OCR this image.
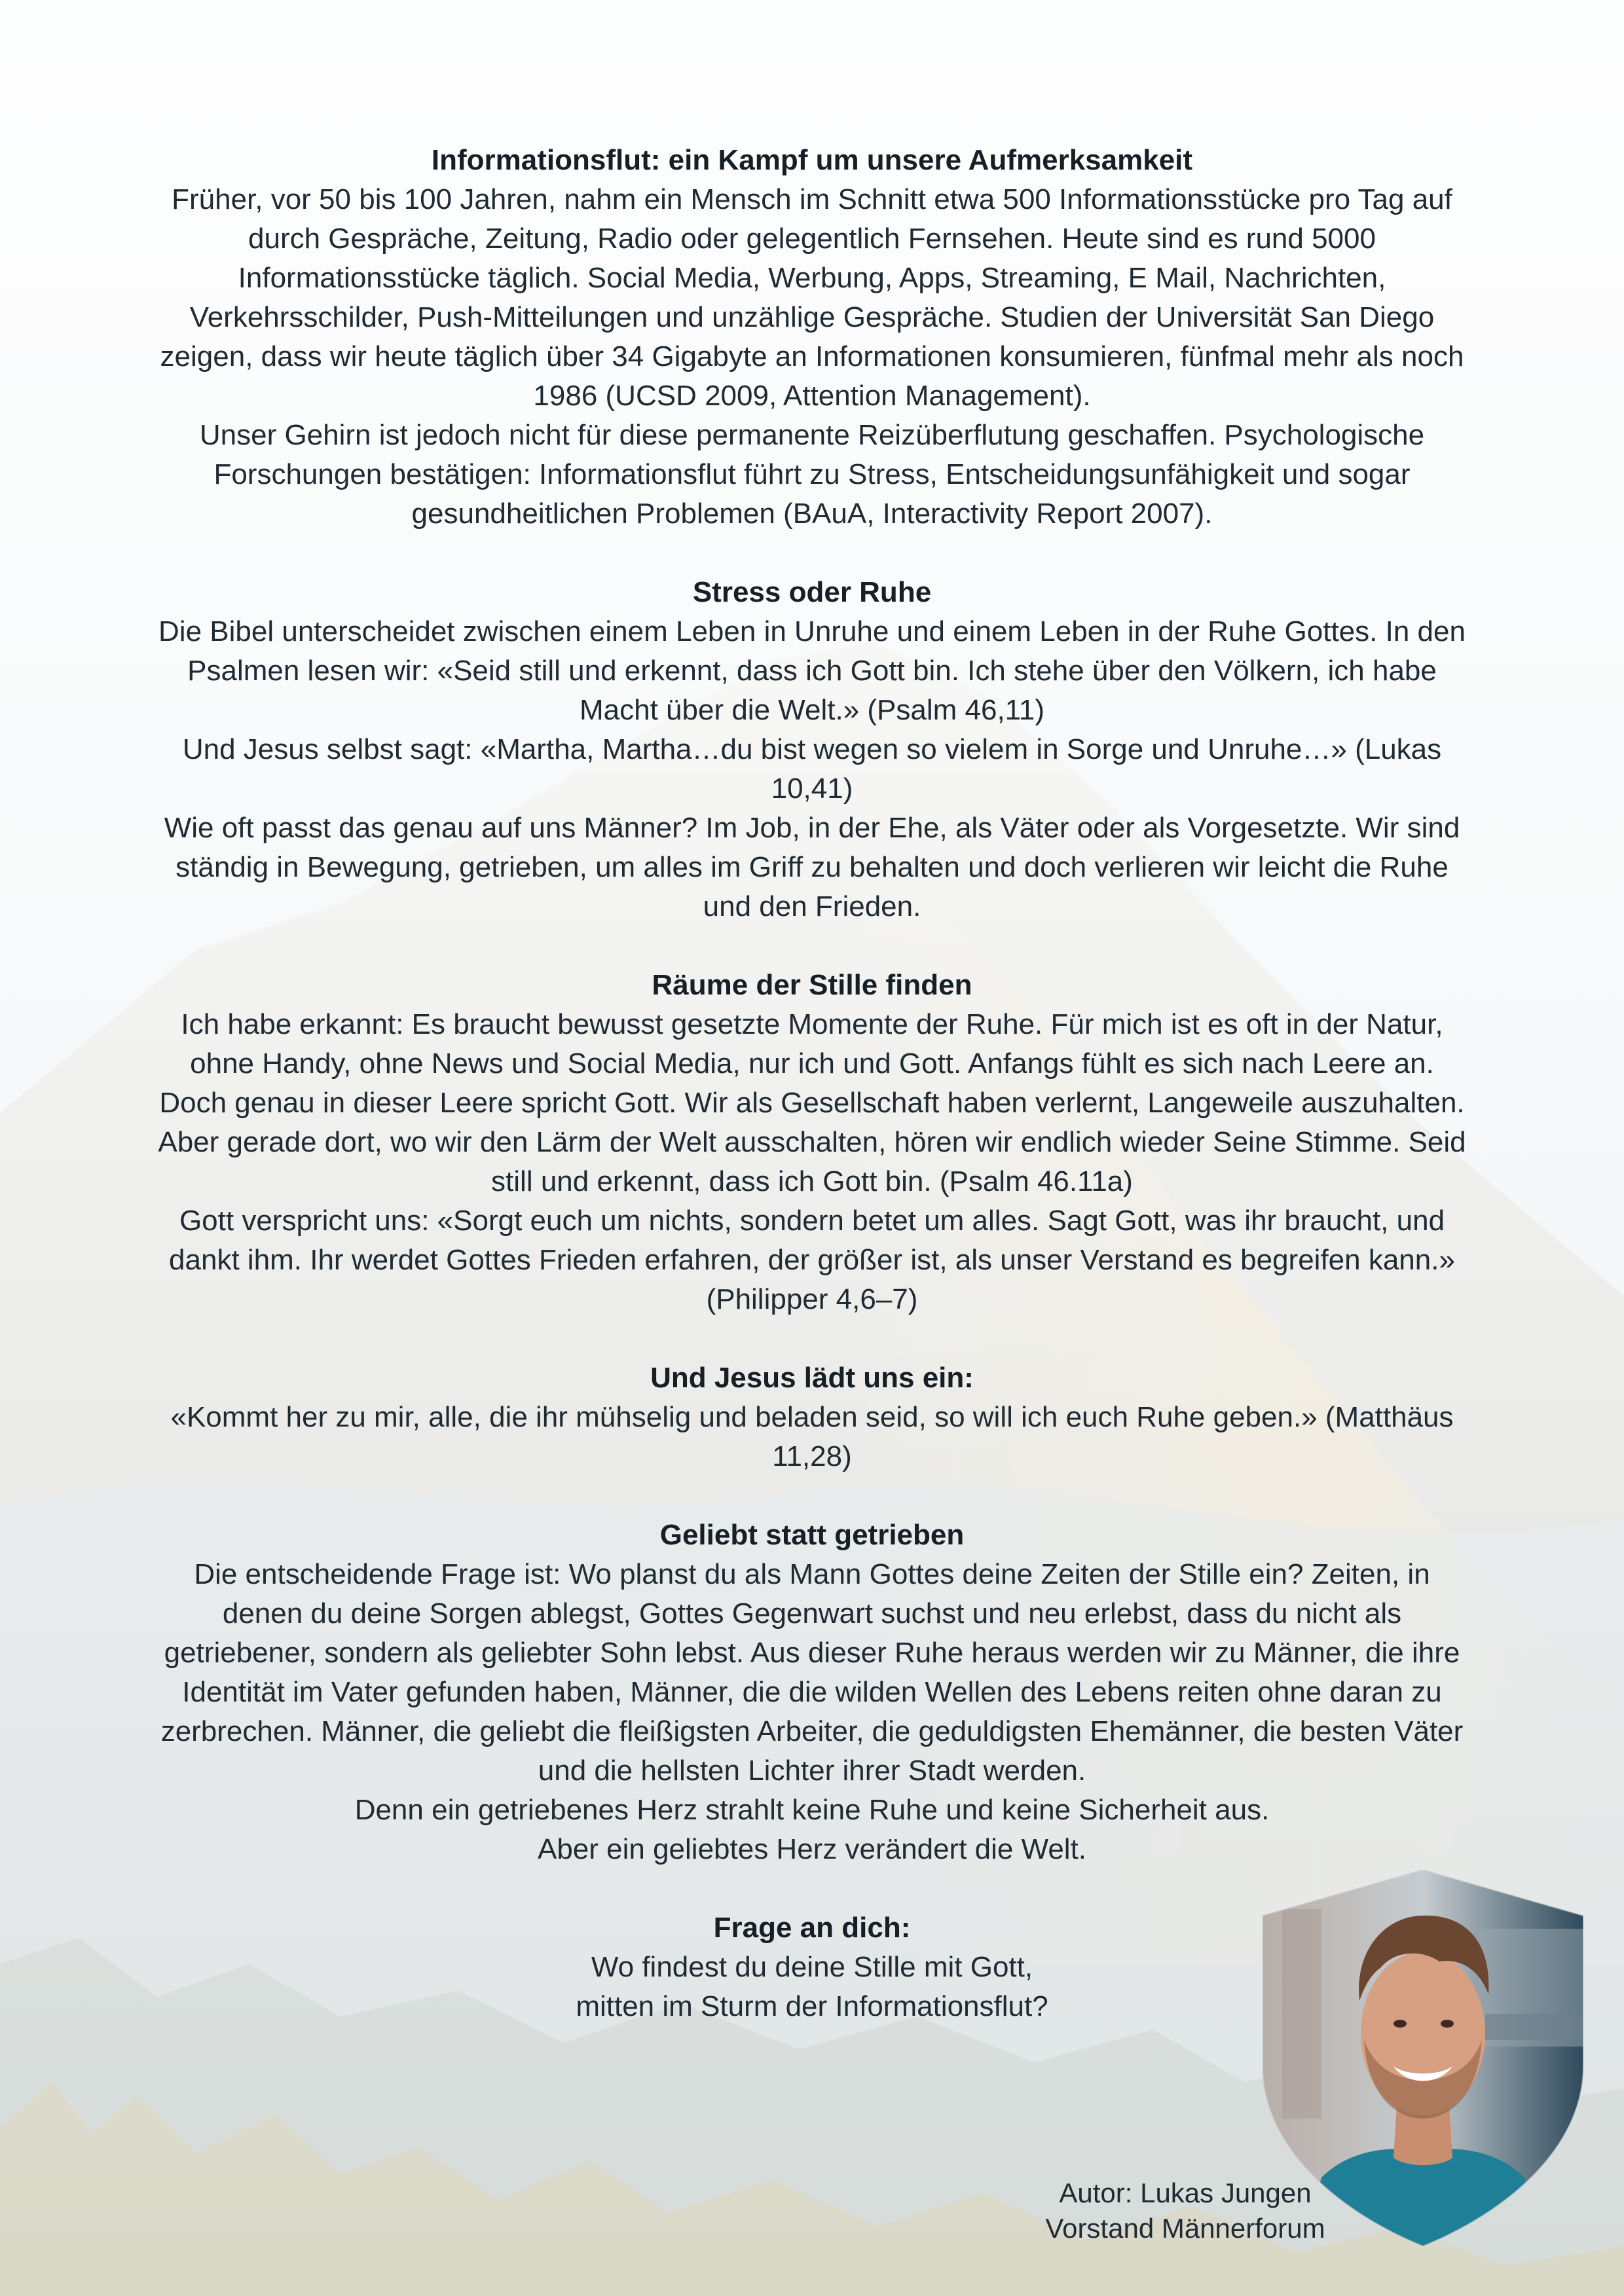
Informationsflut: ein Kampf um unsere Aufmerksamkeit

Früher, vor 50 bis 100 Jahren, nahm ein Mensch im Schnitt etwa 500 Informationsstücke pro Tag auf durch Gespräche, Zeitung, Radio oder gelegentlich Fernsehen. Heute sind es rund 5000 Informationsstücke täglich. Social Media, Werbung, Apps, Streaming, E Mail, Nachrichten, Verkehrsschilder, Push-Mitteilungen und unzählige Gespräche. Studien der Universität San Diego zeigen, dass wir heute täglich über 34 Gigabyte an Informationen konsumieren, fünfmal mehr als noch 1986 (UCSD 2009, Attention Management).

Unser Gehirn ist jedoch nicht für diese permanente Reizüberflutung geschaffen. Psychologische Forschungen bestätigen: Informationsflut führt zu Stress, Entscheidungsunfähigkeit und sogar gesundheitlichen Problemen (BAuA, Interactivity Report 2007).

Stress oder Ruhe

Die Bibel unterscheidet zwischen einem Leben in Unruhe und einem Leben in der Ruhe Gottes. In den Psalmen lesen wir: «Seid still und erkennt, dass ich Gott bin. Ich stehe über den Völkern, ich habe Macht über die Welt.» (Psalm 46,11)

Und Jesus selbst sagt: «Martha, Martha…du bist wegen so vielem in Sorge und Unruhe…» (Lukas 10,41)

Wie oft passt das genau auf uns Männer? Im Job, in der Ehe, als Väter oder als Vorgesetzte. Wir sind ständig in Bewegung, getrieben, um alles im Griff zu behalten und doch verlieren wir leicht die Ruhe und den Frieden.

Räume der Stille finden

Ich habe erkannt: Es braucht bewusst gesetzte Momente der Ruhe. Für mich ist es oft in der Natur, ohne Handy, ohne News und Social Media, nur ich und Gott. Anfangs fühlt es sich nach Leere an. Doch genau in dieser Leere spricht Gott. Wir als Gesellschaft haben verlernt, Langeweile auszuhalten. Aber gerade dort, wo wir den Lärm der Welt ausschalten, hören wir endlich wieder Seine Stimme. Seid still und erkennt, dass ich Gott bin. (Psalm 46.11a)

Gott verspricht uns: «Sorgt euch um nichts, sondern betet um alles. Sagt Gott, was ihr braucht, und dankt ihm. Ihr werdet Gottes Frieden erfahren, der größer ist, als unser Verstand es begreifen kann.» (Philipper 4,6–7)

Und Jesus lädt uns ein:

«Kommt her zu mir, alle, die ihr mühselig und beladen seid, so will ich euch Ruhe geben.» (Matthäus 11,28)

Geliebt statt getrieben

Die entscheidende Frage ist: Wo planst du als Mann Gottes deine Zeiten der Stille ein? Zeiten, in denen du deine Sorgen ablegst, Gottes Gegenwart suchst und neu erlebst, dass du nicht als getriebener, sondern als geliebter Sohn lebst. Aus dieser Ruhe heraus werden wir zu Männer, die ihre Identität im Vater gefunden haben, Männer, die die wilden Wellen des Lebens reiten ohne daran zu zerbrechen. Männer, die geliebt die fleißigsten Arbeiter, die geduldigsten Ehemänner, die besten Väter und die hellsten Lichter ihrer Stadt werden.

Denn ein getriebenes Herz strahlt keine Ruhe und keine Sicherheit aus.

Aber ein geliebtes Herz verändert die Welt.

Frage an dich:

Wo findest du deine Stille mit Gott,

mitten im Sturm der Informationsflut?

Autor: Lukas Jungen
Vorstand Männerforum
